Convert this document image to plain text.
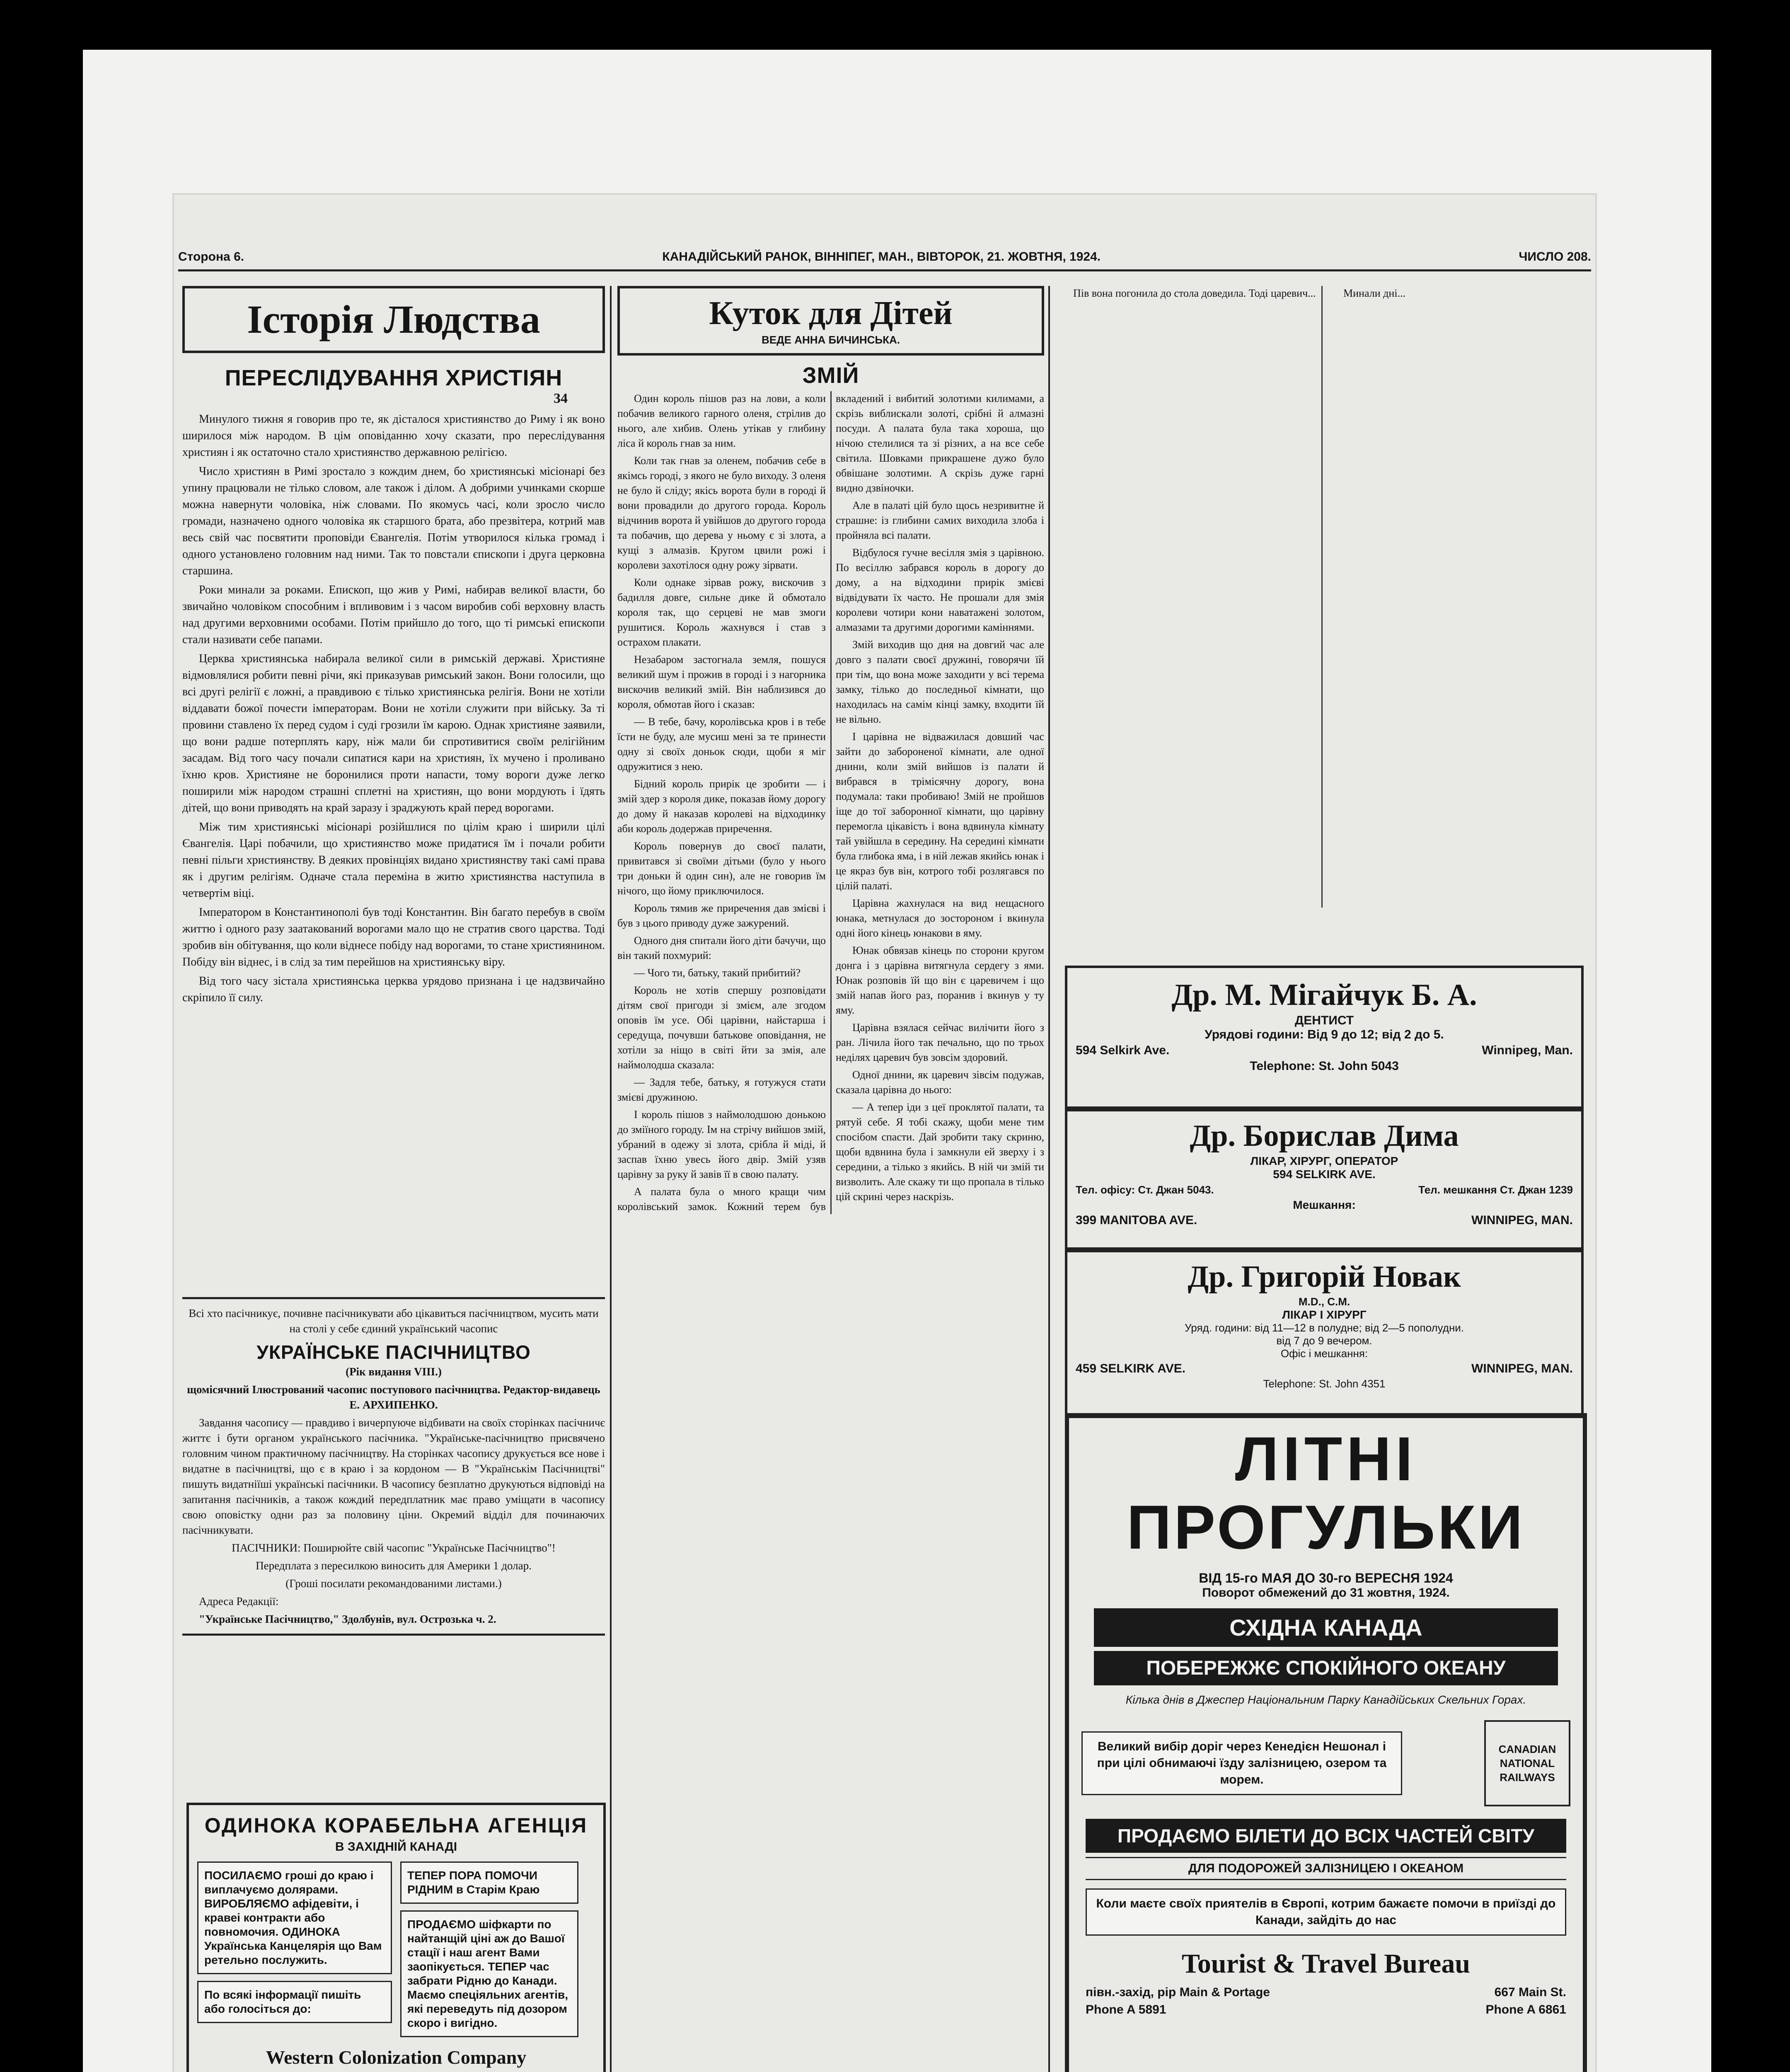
Сторона 6.	КАНАДІЙСЬКИЙ РАНОК, ВІННІПЕГ, МАН., ВІВТОРОК, 21. ЖОВТНЯ, 1924.	ЧИСЛО 208.
Історія Людства
ПЕРЕСЛІДУВАННЯ ХРИСТІЯН
34

Минулого тижня я говорив про те, як дісталося християнство до Риму і як воно ширилося між народом. В цім оповіданню хочу сказати, про переслідування християн і як остаточно стало християнство державною релігією.

Число християн в Римі зростало з кождим днем, бо християнські місіонарі без упину працювали не тілько словом, але також і ділом. А добрими учинками скорше можна навернути чоловіка, ніж словами. По якомусь часі, коли зросло число громади, назначено одного чоловіка як старшого брата, або презвітера, котрий мав весь свій час посвятити проповіди Євангелія. Потім утворилося кілька громад і одного установлено головним над ними. Так то повстали єпископи і друга церковна старшина.

Роки минали за роками. Епископ, що жив у Римі, набирав великої власти, бо звичайно чоловіком способним і впливовим і з часом виробив собі верховну власть над другими верховними особами. Потім прийшло до того, що ті римські епископи стали називати себе папами.

Церква християнська набирала великої сили в римській державі. Християне відмовлялися робити певні річи, які приказував римський закон. Вони голосили, що всі другі релігії є ложні, а правдивою є тілько християнська релігія. Вони не хотіли віддавати божої почести імператорам. Вони не хотіли служити при війську. За ті провини ставлено їх перед судом і суді грозили їм карою. Однак християне заявили, що вони радше потерплять кару, ніж мали би спротивитися своїм релігійним засадам. Від того часу почали сипатися кари на християн, їх мучено і проливано їхню кров. Християне не боронилися проти напасти, тому вороги дуже легко поширили між народом страшні сплетні на християн, що вони мордують і їдять дітей, що вони приводять на край заразу і зраджують край перед ворогами.

Між тим християнські місіонарі розійшлися по цілім краю і ширили цілі Євангелія. Царі побачили, що християнство може придатися їм і почали робити певні пільги християнству. В деяких провінціях видано християнству такі самі права як і другим релігіям. Одначе стала переміна в житю християнства наступила в четвертім віці.

Імператором в Константинополі був тоді Константин. Він багато перебув в своїм життю і одного разу заатакований ворогами мало що не стратив свого царства. Тоді зробив він обітування, що коли віднесе побіду над ворогами, то стане християнином. Побіду він віднес, і в слід за тим перейшов на християнську віру.

Від того часу зістала християнська церква урядово признана і це надзвичайно скріпило її силу.

Всі хто пасічникує, почивне пасічникувати або цікавиться пасічництвом, мусить мати на столі у себе єдиний український часопис

УКРАЇНСЬКЕ ПАСІЧНИЦТВО

(Рік видання VIII.)

щомісячний Ілюстрований часопис поступового пасічництва. Редактор-видавець Е. АРХИПЕНКО.

Завдання часопису — правдиво і вичерпуюче відбивати на своїх сторінках пасічничє життє і бути органом українського пасічника. "Українське-пасічництво присвячено головним чином практичному пасічництву. На сторінках часопису друкується все нове і видатне в пасічництві, що є в краю і за кордоном — В "Українськім Пасічництві" пишуть видатніїші українські пасічники. В часопису безплатно друкуються відповіді на запитання пасічників, а також кождий передплатник має право уміщати в часопису свою оповістку одни раз за половину ціни. Окремий відділ для починаючих пасічникувати.

ПАСІЧНИКИ: Поширюйте свій часопис "Українське Пасічництво"!

Передплата з пересилкою виносить для Америки 1 долар.

(Гроші посилати рекомандованими листами.)

Адреса Редакції:

"Українське Пасічництво," Здолбунів, вул. Острозька ч. 2.

ОДИНОКА КОРАБЕЛЬНА АГЕНЦІЯ
В ЗАХІДНІЙ КАНАДІ
ПОСИЛАЄМО гроші до краю і виплачуємо долярами. ВИРОБЛЯЄМО афідевіти, і кравеі контракти або повномочия. ОДИНОКА Українська Канцелярія що Вам ретельно послужить.
По всякі інформації пишіть або голосіться до:
ТЕПЕР ПОРА ПОМОЧИ РІДНИМ в Старім Краю
ПРОДАЄМО шіфкарти по найтанщій ціні аж до Вашої стації і наш агент Вами заопікується. ТЕПЕР час забрати Рідню до Канади. Маємо спеціяльних агентів, які переведуть під дозором скоро і вигідно.
Western Colonization Company
Куток для Дітей
ВЕДЕ АННА БИЧИНСЬКА.
ЗМІЙ

Один король пішов раз на лови, а коли побачив великого гарного оленя, стрілив до нього, але хибив. Олень утікав у глибину ліса й король гнав за ним.

Коли так гнав за оленем, побачив себе в якімсь городі, з якого не було виходу. З оленя не було й сліду; якісь ворота були в городі й вони провадили до другого города. Король відчинив ворота й увійшов до другого города та побачив, що дерева у ньому є зі злота, а кущі з алмазів. Кругом цвили рожі і королеви захотілося одну рожу зірвати.

Коли однаке зірвав рожу, вискочив з бадилля довге, сильне дике й обмотало короля так, що серцеві не мав змоги рушитися. Король жахнувся і став з острахом плакати.

Незабаром застогнала земля, пошуся великий шум і прожив в городі і з нагорника вискочив великий змій. Він наблизився до короля, обмотав його і сказав:

— В тебе, бачу, королівська кров і в тебе їсти не буду, але мусиш мені за те принести одну зі своїх доньок сюди, щоби я міг одружитися з нею.

Бідний король прирік це зробити — і змій здер з короля дике, показав йому дорогу до дому й наказав королеві на відходинку аби король додержав приречення.

Король повернув до своєї палати, привитався зі своїми дітьми (було у нього три доньки й один син), але не говорив їм нічого, що йому приключилося.

Король тямив же приречення дав змієві і був з цього приводу дуже зажурений.

Одного дня спитали його діти бачучи, що він такий похмурий:

— Чого ти, батьку, такий прибитий?

Король не хотів спершу розповідати дітям свої пригоди зі змієм, але згодом оповів їм усе. Обі царівни, найстарша і середуща, почувши батькове оповідання, не хотіли за ніщо в світі йти за змія, але наймолодша сказала:

— Задля тебе, батьку, я готужуся стати змієві дружиною.

І король пішов з наймолодшою донькою до зміїного городу. Ім на стрічу вийшов змій, убраний в одежу зі злота, срібла й міді, й заспав їхню увесь його двір. Змій узяв царівну за руку й завів її в свою палату.

А палата була о много кращи чим королівський замок. Кожний терем був вкладений і вибитий золотими килимами, а скрізь виблискали золоті, срібні й алмазні посуди. А палата була така хороша, що нічою стелилися та зі різних, а на все себе світила. Шовками прикрашене дужо було обвішане золотими. А скрізь дуже гарні видно дзвіночки.

Але в палаті цій було щось незривитне й страшне: із глибини самих виходила злоба і пройняла всі палати.

Відбулося гучне весілля змія з царівною. По весіллю забрався король в дорогу до дому, а на відходини прирік змієві відвідувати їх часто. Не прошали для змія королеви чотири кони наватажені золотом, алмазами та другими дорогими каміннями.

Змій виходив що дня на довгий час але довго з палати своєї дружині, говорячи їй при тім, що вона може заходити у всі терема замку, тілько до последньої кімнати, що находилась на самім кінці замку, входити їй не вільно.

І царівна не відважилася довший час зайти до забороненої кімнати, але одної днини, коли змій вийшов із палати й вибрався в трімісячну дорогу, вона подумала: таки пробиваю! Змій не пройшов іще до тої заборонної кімнати, що царівну перемогла цікавість і вона вдвинула кімнату тай увійшла в середину. На середині кімнати була глибока яма, і в ній лежав якийсь юнак і це якраз був він, котрого тобі розлягався по цілій палаті.

Царівна жахнулася на вид нещасного юнака, метнулася до зостороном і вкинула одні його кінець юнакови в яму.

Юнак обвязав кінець по сторони кругом донга і з царівна витягнула сердегу з ями. Юнак розповів їй що він є царевичем і що змій напав його раз, поранив і вкинув у ту яму.

Царівна взялася сейчас вилічити його з ран. Лічила його так печально, що по трьох неділях царевич був зовсім здоровий.

Одної днини, як царевич зівсім подужав, сказала царівна до нього:

— А тепер іди з цеї проклятої палати, та рятуй себе. Я тобі скажу, щоби мене тим спосібом спасти. Дай зробити таку скриню, щоби вдвнина була і замкнули ей зверху і з середини, а тілько з якийсь. В ній чи змій ти визволить. Але скажу ти що пропала в тілько цій скрині через наскрізь.

Пів вона погонила до стола доведила. Тоді царевич...	Минали дні...

Др. М. Мігайчук Б. А.
ДЕНТИСТ
Урядові години: Від 9 до 12; від 2 до 5.
594 Selkirk Ave.	Winnipeg, Man.
Telephone: St. John 5043
Др. Борислав Дима
ЛІКАР, ХІРУРГ, ОПЕРАТОР
594 SELKIRK AVE.
Тел. офісу: Ст. Джан 5043.	Тел. мешкання Ст. Джан 1239
Мешкання:
399 MANITOBA AVE.	WINNIPEG, MAN.
Др. Григорій Новак
M.D., C.M.
ЛІКАР І ХІРУРГ
Уряд. години: від 11—12 в полудне; від 2—5 пополудни.
від 7 до 9 вечером.
Офіс і мешкання:
459 SELKIRK AVE.	WINNIPEG, MAN.
Telephone: St. John 4351
ЛІТНІ
ПРОГУЛЬКИ
ВІД 15-го МАЯ ДО 30-го ВЕРЕСНЯ 1924
Поворот обмежений до 31 жовтня, 1924.
СХІДНА КАНАДА
ПОБЕРЕЖЖЄ СПОКІЙНОГО ОКЕАНУ
Кілька днів в Джеспер Національним Парку Канадійських Скельних Горах.
Великий вибір доріг через Кенедієн Нешонал і при цілі обнимаючі їзду залізницею, озером та морем.
CANADIAN NATIONAL RAILWAYS
ПРОДАЄМО БІЛЕТИ ДО ВСІХ ЧАСТЕЙ СВІТУ
ДЛЯ ПОДОРОЖЕЙ ЗАЛІЗНИЦЕЮ І ОКЕАНОМ
Коли маєте своїх приятелів в Європі, котрим бажаєте помочи в приїзді до Канади, зайдіть до нас
Tourist & Travel Bureau
півн.-захід, рір Main & Portage	667 Main St.
Phone A 5891	Phone A 6861
